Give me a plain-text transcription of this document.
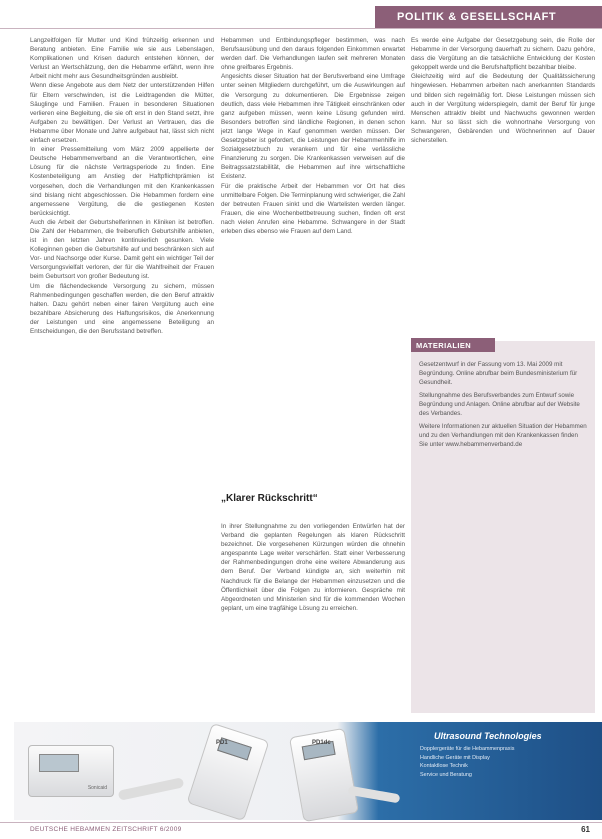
POLITIK & GESELLSCHAFT

Langzeitfolgen für Mutter und Kind frühzeitig erkennen und Beratung anbieten. Eine Familie wie sie aus Lebenslagen, Komplikationen und Krisen dadurch entstehen können, der Verlust an Wertschätzung, den die Hebamme erfährt, wenn ihre Arbeit nicht mehr aus Gesundheitsgründen ausbleibt.

Wenn diese Angebote aus dem Netz der unterstützenden Hilfen für Eltern verschwinden, ist die Leidtragenden die Mütter, Säuglinge und Familien. Frauen in besonderen Situationen verlieren eine Begleitung, die sie oft erst in den Stand setzt, ihre Aufgaben zu bewältigen. Der Verlust an Vertrauen, das die Hebamme über Monate und Jahre aufgebaut hat, lässt sich nicht einfach ersetzen.

In einer Pressemitteilung vom März 2009 appellierte der Deutsche Hebammenverband an die Verantwortlichen, eine Lösung für die nächste Vertragsperiode zu finden. Eine Kostenbeteiligung am Anstieg der Haftpflichtprämien ist vorgesehen, doch die Verhandlungen mit den Krankenkassen sind bislang nicht abgeschlossen. Die Hebammen fordern eine angemessene Vergütung, die die gestiegenen Kosten berücksichtigt.

Auch die Arbeit der Geburtshelferinnen in Kliniken ist betroffen. Die Zahl der Hebammen, die freiberuflich Geburtshilfe anbieten, ist in den letzten Jahren kontinuierlich gesunken. Viele Kolleginnen geben die Geburtshilfe auf und beschränken sich auf Vor- und Nachsorge oder Kurse. Damit geht ein wichtiger Teil der Versorgungsvielfalt verloren, der für die Wahlfreiheit der Frauen beim Geburtsort von großer Bedeutung ist.

Um die flächendeckende Versorgung zu sichern, müssen Rahmenbedingungen geschaffen werden, die den Beruf attraktiv halten. Dazu gehört neben einer fairen Vergütung auch eine bezahlbare Absicherung des Haftungsrisikos, die Anerkennung der Leistungen und eine angemessene Beteiligung an Entscheidungen, die den Berufsstand betreffen.

Hebammen und Entbindungspfleger bestimmen, was nach Berufsausübung und den daraus folgenden Einkommen erwartet werden darf. Die Verhandlungen laufen seit mehreren Monaten ohne greifbares Ergebnis.

Angesichts dieser Situation hat der Berufsverband eine Umfrage unter seinen Mitgliedern durchgeführt, um die Auswirkungen auf die Versorgung zu dokumentieren. Die Ergebnisse zeigen deutlich, dass viele Hebammen ihre Tätigkeit einschränken oder ganz aufgeben müssen, wenn keine Lösung gefunden wird. Besonders betroffen sind ländliche Regionen, in denen schon jetzt lange Wege in Kauf genommen werden müssen. Der Gesetzgeber ist gefordert, die Leistungen der Hebammenhilfe im Sozialgesetzbuch zu verankern und für eine verlässliche Finanzierung zu sorgen. Die Krankenkassen verweisen auf die Beitragssatzstabilität, die Hebammen auf ihre wirtschaftliche Existenz.

Für die praktische Arbeit der Hebammen vor Ort hat dies unmittelbare Folgen. Die Terminplanung wird schwieriger, die Zahl der betreuten Frauen sinkt und die Wartelisten werden länger. Frauen, die eine Wochenbettbetreuung suchen, finden oft erst nach vielen Anrufen eine Hebamme. Schwangere in der Stadt erleben dies ebenso wie Frauen auf dem Land.

„Klarer Rückschritt“

In ihrer Stellungnahme zu den vorliegenden Entwürfen hat der Verband die geplanten Regelungen als klaren Rückschritt bezeichnet. Die vorgesehenen Kürzungen würden die ohnehin angespannte Lage weiter verschärfen. Statt einer Verbesserung der Rahmenbedingungen drohe eine weitere Abwanderung aus dem Beruf. Der Verband kündigte an, sich weiterhin mit Nachdruck für die Belange der Hebammen einzusetzen und die Öffentlichkeit über die Folgen zu informieren. Gespräche mit Abgeordneten und Ministerien sind für die kommenden Wochen geplant, um eine tragfähige Lösung zu erreichen.

Es werde eine Aufgabe der Gesetzgebung sein, die Rolle der Hebamme in der Versorgung dauerhaft zu sichern. Dazu gehöre, dass die Vergütung an die tatsächliche Entwicklung der Kosten gekoppelt werde und die Berufshaftpflicht bezahlbar bleibe.

Gleichzeitig wird auf die Bedeutung der Qualitätssicherung hingewiesen. Hebammen arbeiten nach anerkannten Standards und bilden sich regelmäßig fort. Diese Leistungen müssen sich auch in der Vergütung widerspiegeln, damit der Beruf für junge Menschen attraktiv bleibt und Nachwuchs gewonnen werden kann. Nur so lässt sich die wohnortnahe Versorgung von Schwangeren, Gebärenden und Wöchnerinnen auf Dauer sicherstellen.

Gesetzentwurf in der Fassung vom 13. Mai 2009 mit Begründung. Online abrufbar beim Bundesministerium für Gesundheit.

Stellungnahme des Berufsverbandes zum Entwurf sowie Begründung und Anlagen. Online abrufbar auf der Website des Verbandes.

Weitere Informationen zur aktuellen Situation der Hebammen und zu den Verhandlungen mit den Krankenkassen finden Sie unter www.hebammenverband.de

MATERIALIEN
Sonicaid
PD1	PD1dc
Ultrasound Technologies
Dopplergeräte für die Hebammenpraxis
Handliche Geräte mit Display
Kontaktlose Technik
Service und Beratung
DEUTSCHE HEBAMMEN ZEITSCHRIFT 6/2009	61
